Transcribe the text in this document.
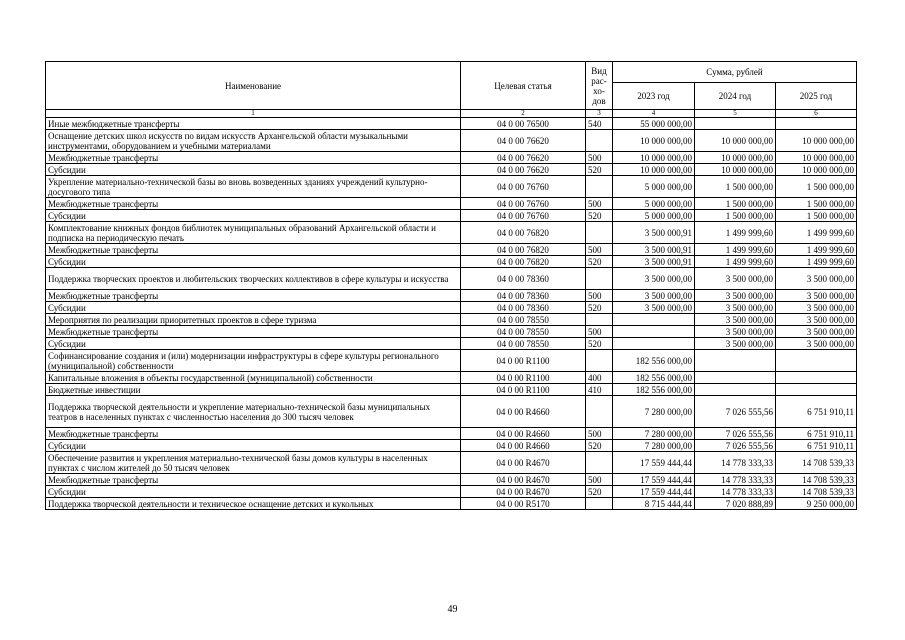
Наименование	Целевая статья	Вид
рас-
хо-
дов	Сумма, рублей		
			2023 год	2024 год	2025 год
1	2	3	4	5	6
Иные межбюджетные трансферты	04 0 00 76500	540	55 000 000,00		
Оснащение детских школ искусств по видам искусств Архангельской области музыкальными инструментами, оборудованием и учебными материалами	04 0 00 76620		10 000 000,00	10 000 000,00	10 000 000,00
Межбюджетные трансферты	04 0 00 76620	500	10 000 000,00	10 000 000,00	10 000 000,00
Субсидии	04 0 00 76620	520	10 000 000,00	10 000 000,00	10 000 000,00
Укрепление материально-технической базы во вновь возведенных зданиях учреждений культурно-досугового типа	04 0 00 76760		5 000 000,00	1 500 000,00	1 500 000,00
Межбюджетные трансферты	04 0 00 76760	500	5 000 000,00	1 500 000,00	1 500 000,00
Субсидии	04 0 00 76760	520	5 000 000,00	1 500 000,00	1 500 000,00
Комплектование книжных фондов библиотек муниципальных образований Архангельской области и подписка на периодическую печать	04 0 00 76820		3 500 000,91	1 499 999,60	1 499 999,60
Межбюджетные трансферты	04 0 00 76820	500	3 500 000,91	1 499 999,60	1 499 999,60
Субсидии	04 0 00 76820	520	3 500 000,91	1 499 999,60	1 499 999,60
Поддержка творческих проектов и любительских творческих коллективов в сфере культуры и искусства	04 0 00 78360		3 500 000,00	3 500 000,00	3 500 000,00
Межбюджетные трансферты	04 0 00 78360	500	3 500 000,00	3 500 000,00	3 500 000,00
Субсидии	04 0 00 78360	520	3 500 000,00	3 500 000,00	3 500 000,00
Мероприятия по реализации приоритетных проектов в сфере туризма	04 0 00 78550			3 500 000,00	3 500 000,00
Межбюджетные трансферты	04 0 00 78550	500		3 500 000,00	3 500 000,00
Субсидии	04 0 00 78550	520		3 500 000,00	3 500 000,00
Софинансирование создания и (или) модернизации инфраструктуры в сфере культуры регионального (муниципальной) собственности	04 0 00 R1100		182 556 000,00		
Капитальные вложения в объекты государственной (муниципальной) собственности	04 0 00 R1100	400	182 556 000,00		
Бюджетные инвестиции	04 0 00 R1100	410	182 556 000,00		
Поддержка творческой деятельности и укрепление материально-технической базы муниципальных театров в населенных пунктах с численностью населения до 300 тысяч человек	04 0 00 R4660		7 280 000,00	7 026 555,56	6 751 910,11
Межбюджетные трансферты	04 0 00 R4660	500	7 280 000,00	7 026 555,56	6 751 910,11
Субсидии	04 0 00 R4660	520	7 280 000,00	7 026 555,56	6 751 910,11
Обеспечение развития и укрепления материально-технической базы домов культуры в населенных пунктах с числом жителей до 50 тысяч человек	04 0 00 R4670		17 559 444,44	14 778 333,33	14 708 539,33
Межбюджетные трансферты	04 0 00 R4670	500	17 559 444,44	14 778 333,33	14 708 539,33
Субсидии	04 0 00 R4670	520	17 559 444,44	14 778 333,33	14 708 539,33
Поддержка творческой деятельности и техническое оснащение детских и кукольных	04 0 00 R5170		8 715 444,44	7 020 888,89	9 250 000,00
49
